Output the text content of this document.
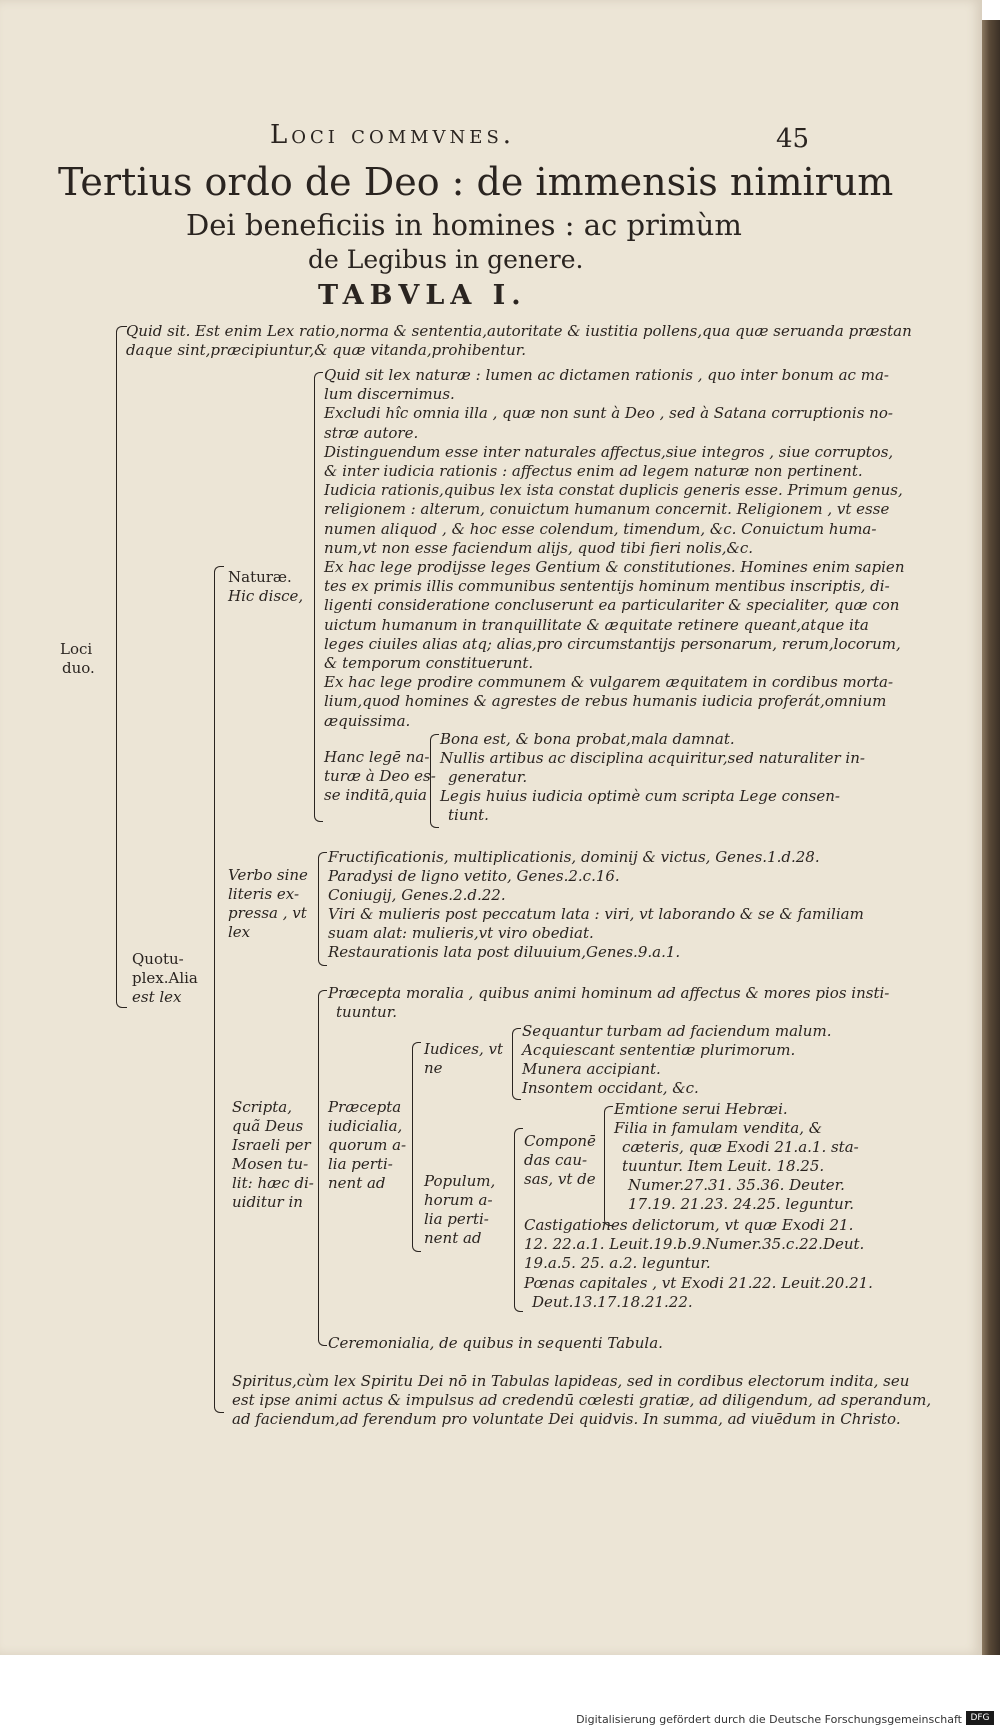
Loci commvnes.	45
Tertius ordo de Deo : de immensis nimirum
Dei beneficiis in homines : ac primùm
de Legibus in genere.
TABVLA I.
Loci
duo.
Quid sit. Est enim Lex ratio,norma & sententia,autoritate & iustitia pollens,qua quæ seruanda præstan
daque sint,præcipiuntur,& quæ vitanda,prohibentur.
Quotu-
plex.Alia
est lex
Naturæ.
Hic disce,
Quid sit lex naturæ : lumen ac dictamen rationis , quo inter bonum ac ma-
lum discernimus.
Excludi hîc omnia illa , quæ non sunt à Deo , sed à Satana corruptionis no-
stræ autore.
Distinguendum esse inter naturales affectus,siue integros , siue corruptos,
& inter iudicia rationis : affectus enim ad legem naturæ non pertinent.
Iudicia rationis,quibus lex ista constat duplicis generis esse. Primum genus,
religionem : alterum, conuictum humanum concernit. Religionem , vt esse
numen aliquod , & hoc esse colendum, timendum, &c. Conuictum huma-
num,vt non esse faciendum alijs, quod tibi fieri nolis,&c.
Ex hac lege prodijsse leges Gentium & constitutiones. Homines enim sapien
tes ex primis illis communibus sententijs hominum mentibus inscriptis, di-
ligenti consideratione concluserunt ea particulariter & specialiter, quæ con
uictum humanum in tranquillitate & æquitate retinere queant,atque ita
leges ciuiles alias atq; alias,pro circumstantijs personarum, rerum,locorum,
& temporum constituerunt.
Ex hac lege prodire communem & vulgarem æquitatem in cordibus morta-
lium,quod homines & agrestes de rebus humanis iudicia proferát,omnium
æquissima.
Hanc legē na-
turæ à Deo es-
se inditā,quia
Bona est, & bona probat,mala damnat.
Nullis artibus ac disciplina acquiritur,sed naturaliter in-
generatur.
Legis huius iudicia optimè cum scripta Lege consen-
tiunt.
Verbo sine
literis ex-
pressa , vt
lex
Fructificationis, multiplicationis, dominij & victus, Genes.1.d.28.
Paradysi de ligno vetito, Genes.2.c.16.
Coniugij, Genes.2.d.22.
Viri & mulieris post peccatum lata : viri, vt laborando & se & familiam
suam alat: mulieris,vt viro obediat.
Restaurationis lata post diluuium,Genes.9.a.1.
Scripta,
quã Deus
Israeli per
Mosen tu-
lit: hæc di-
uiditur in
Præcepta moralia , quibus animi hominum ad affectus & mores pios insti-
tuuntur.
Præcepta
iudicialia,
quorum a-
lia perti-
nent ad
Iudices, vt
ne
Sequantur turbam ad faciendum malum.
Acquiescant sententiæ plurimorum.
Munera accipiant.
Insontem occidant, &c.
Populum,
horum a-
lia perti-
nent ad
Componē
das cau-
sas, vt de
Emtione serui Hebræi.
Filia in famulam vendita, &
cæteris, quæ Exodi 21.a.1. sta-
tuuntur. Item Leuit. 18.25.
Numer.27.31. 35.36. Deuter.
17.19. 21.23. 24.25. leguntur.
Castigationes delictorum, vt quæ Exodi 21.
12. 22.a.1. Leuit.19.b.9.Numer.35.c.22.Deut.
19.a.5. 25. a.2. leguntur.
Pœnas capitales , vt Exodi 21.22. Leuit.20.21.
Deut.13.17.18.21.22.
Ceremonialia, de quibus in sequenti Tabula.
Spiritus,cùm lex Spiritu Dei nō in Tabulas lapideas, sed in cordibus electorum indita, seu
est ipse animi actus & impulsus ad credendū cœlesti gratiæ, ad diligendum, ad sperandum,
ad faciendum,ad ferendum pro voluntate Dei quidvis. In summa, ad viuēdum in Christo.
Digitalisierung gefördert durch die Deutsche Forschungsgemeinschaft DFG
